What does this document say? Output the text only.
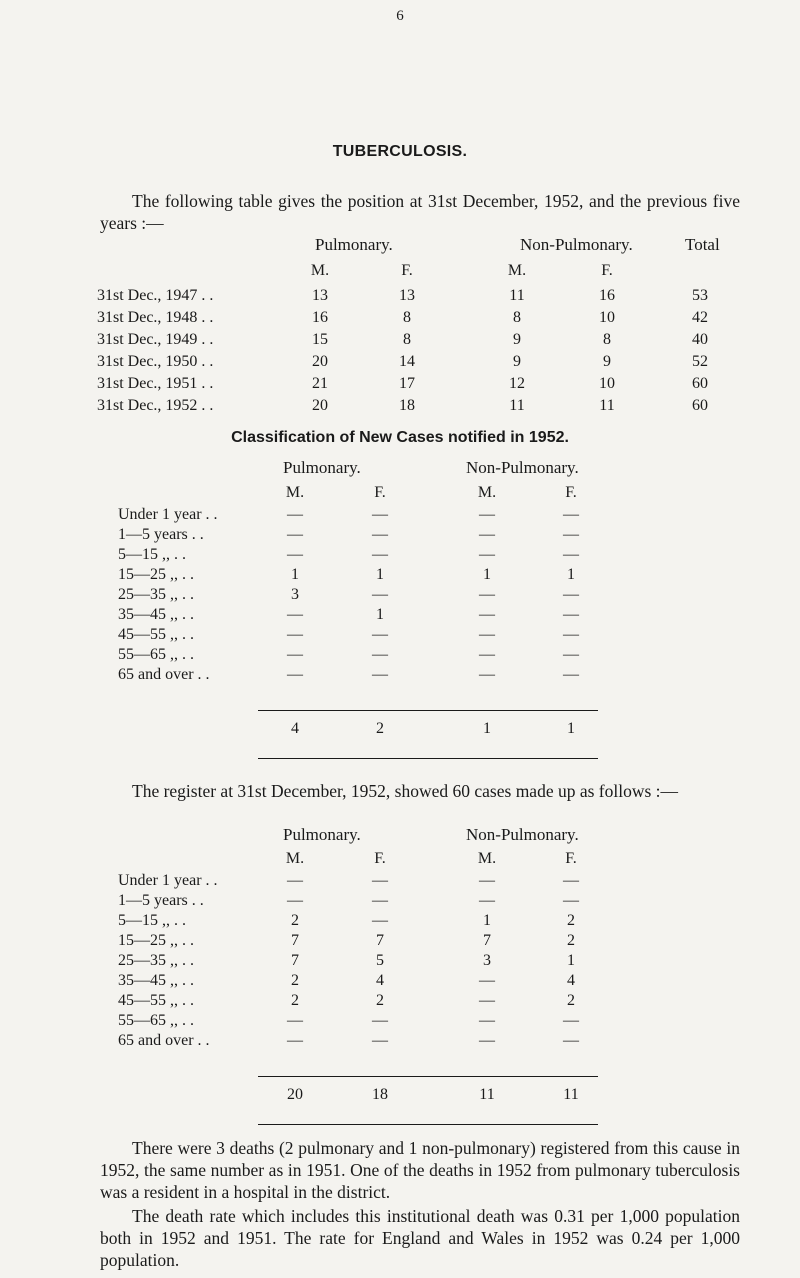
6
TUBERCULOSIS.
The following table gives the position at 31st December, 1952, and the previous five years :—
Pulmonary.	Non-Pulmonary.	Total
M.	F.	M.	F.
31st Dec., 1947 . .	13	13	11	16	53
31st Dec., 1948 . .	16	8	8	10	42
31st Dec., 1949 . .	15	8	9	8	40
31st Dec., 1950 . .	20	14	9	9	52
31st Dec., 1951 . .	21	17	12	10	60
31st Dec., 1952 . .	20	18	11	11	60
Classification of New Cases notified in 1952.
Pulmonary.	Non-Pulmonary.
M.	F.	M.	F.
Under 1 year . .	—	—	—	—
1—5 years . .	—	—	—	—
5—15 ,, . .	—	—	—	—
15—25 ,, . .	1	1	1	1
25—35 ,, . .	3	—	—	—
35—45 ,, . .	—	1	—	—
45—55 ,, . .	—	—	—	—
55—65 ,, . .	—	—	—	—
65 and over . .	—	—	—	—
4	2	1	1
The register at 31st December, 1952, showed 60 cases made up as follows :—
Pulmonary.	Non-Pulmonary.
M.	F.	M.	F.
Under 1 year . .	—	—	—	—
1—5 years . .	—	—	—	—
5—15 ,, . .	2	—	1	2
15—25 ,, . .	7	7	7	2
25—35 ,, . .	7	5	3	1
35—45 ,, . .	2	4	—	4
45—55 ,, . .	2	2	—	2
55—65 ,, . .	—	—	—	—
65 and over . .	—	—	—	—
20	18	11	11
There were 3 deaths (2 pulmonary and 1 non-pulmonary) registered from this cause in 1952, the same number as in 1951. One of the deaths in 1952 from pulmonary tuberculosis was a resident in a hospital in the district.
The death rate which includes this institutional death was 0.31 per 1,000 population both in 1952 and 1951. The rate for England and Wales in 1952 was 0.24 per 1,000 population.
